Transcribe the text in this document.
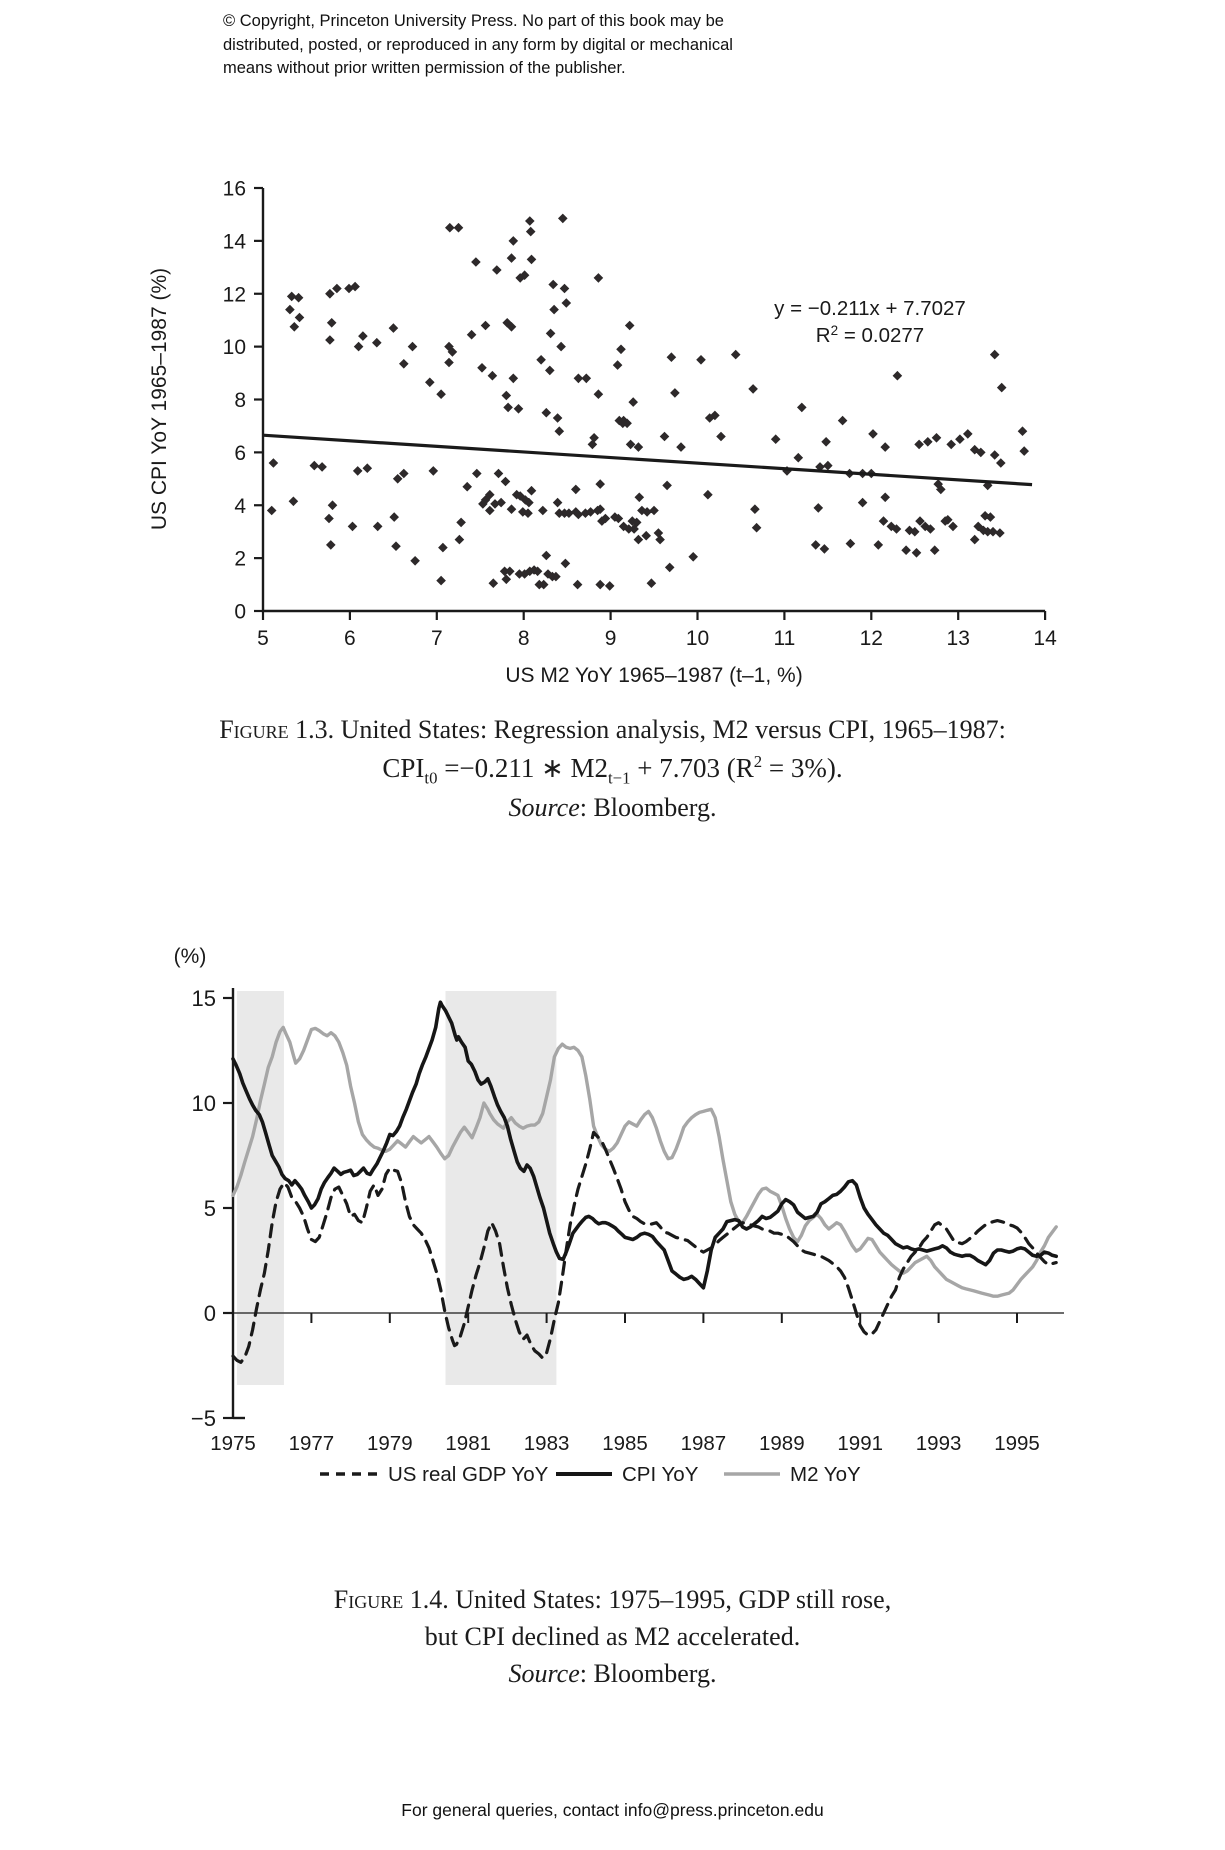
© Copyright, Princeton University Press. No part of this book may be
distributed, posted, or reproduced in any form by digital or mechanical
means without prior written permission of the publisher.
0
2
4
6
8
10
12
14
16
5	6	7	8	9	10	11	12	13	14
US CPI YoY 1965–1987 (%)
US M2 YoY 1965–1987 (t–1, %)
y = −0.211x + 7.7027
$R^2 = 0.0277$
Figure 1.3. United States: Regression analysis, M2 versus CPI, 1965–1987:
$CPI_{t0} =-0.211$ ∗ $M2_{t-1} + 7.703$ $(R^2 = 3\%)$.
Source: Bloomberg.
(%)
15
10
5
0
−5
1975 1977 1979 1981 1983 1985 1987 1989 1991 1993 1995
US real GDP YoY	CPI YoY	M2 YoY
Figure 1.4. United States: 1975–1995, GDP still rose,
but CPI declined as M2 accelerated.
Source: Bloomberg.
For general queries, contact info@press.princeton.edu
